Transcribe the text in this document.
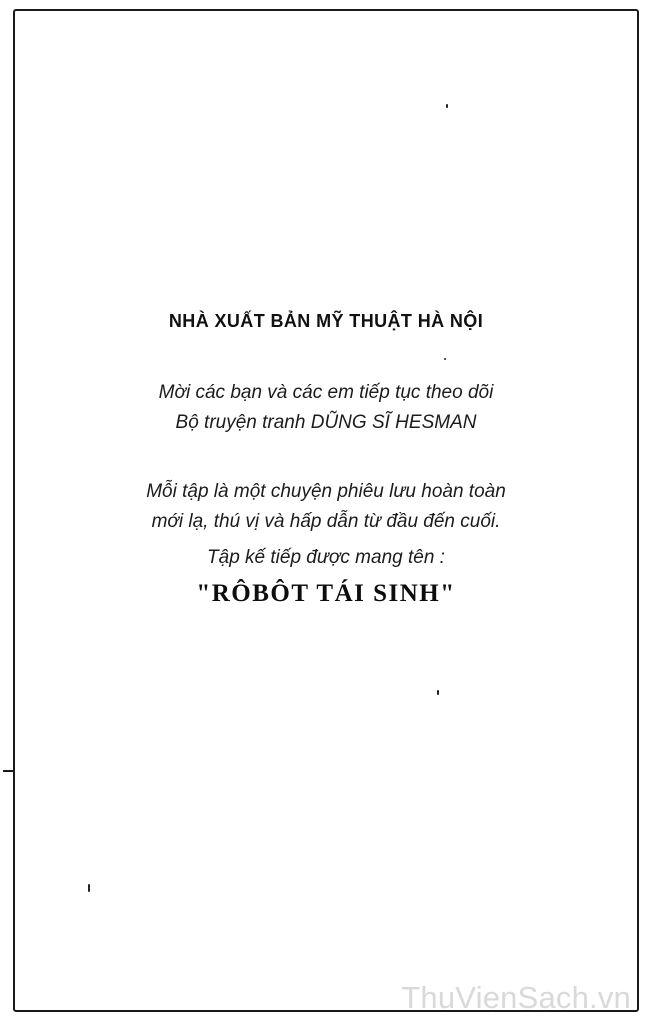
NHÀ XUẤT BẢN MỸ THUẬT HÀ NỘI
Mời các bạn và các em tiếp tục theo dõi
Bộ truyện tranh DŨNG SĨ HESMAN
Mỗi tập là một chuyện phiêu lưu hoàn toàn
mới lạ, thú vị và hấp dẫn từ đầu đến cuối.
Tập kế tiếp được mang tên :
"RÔBÔT TÁI SINH"
ThuVienSach.vn
